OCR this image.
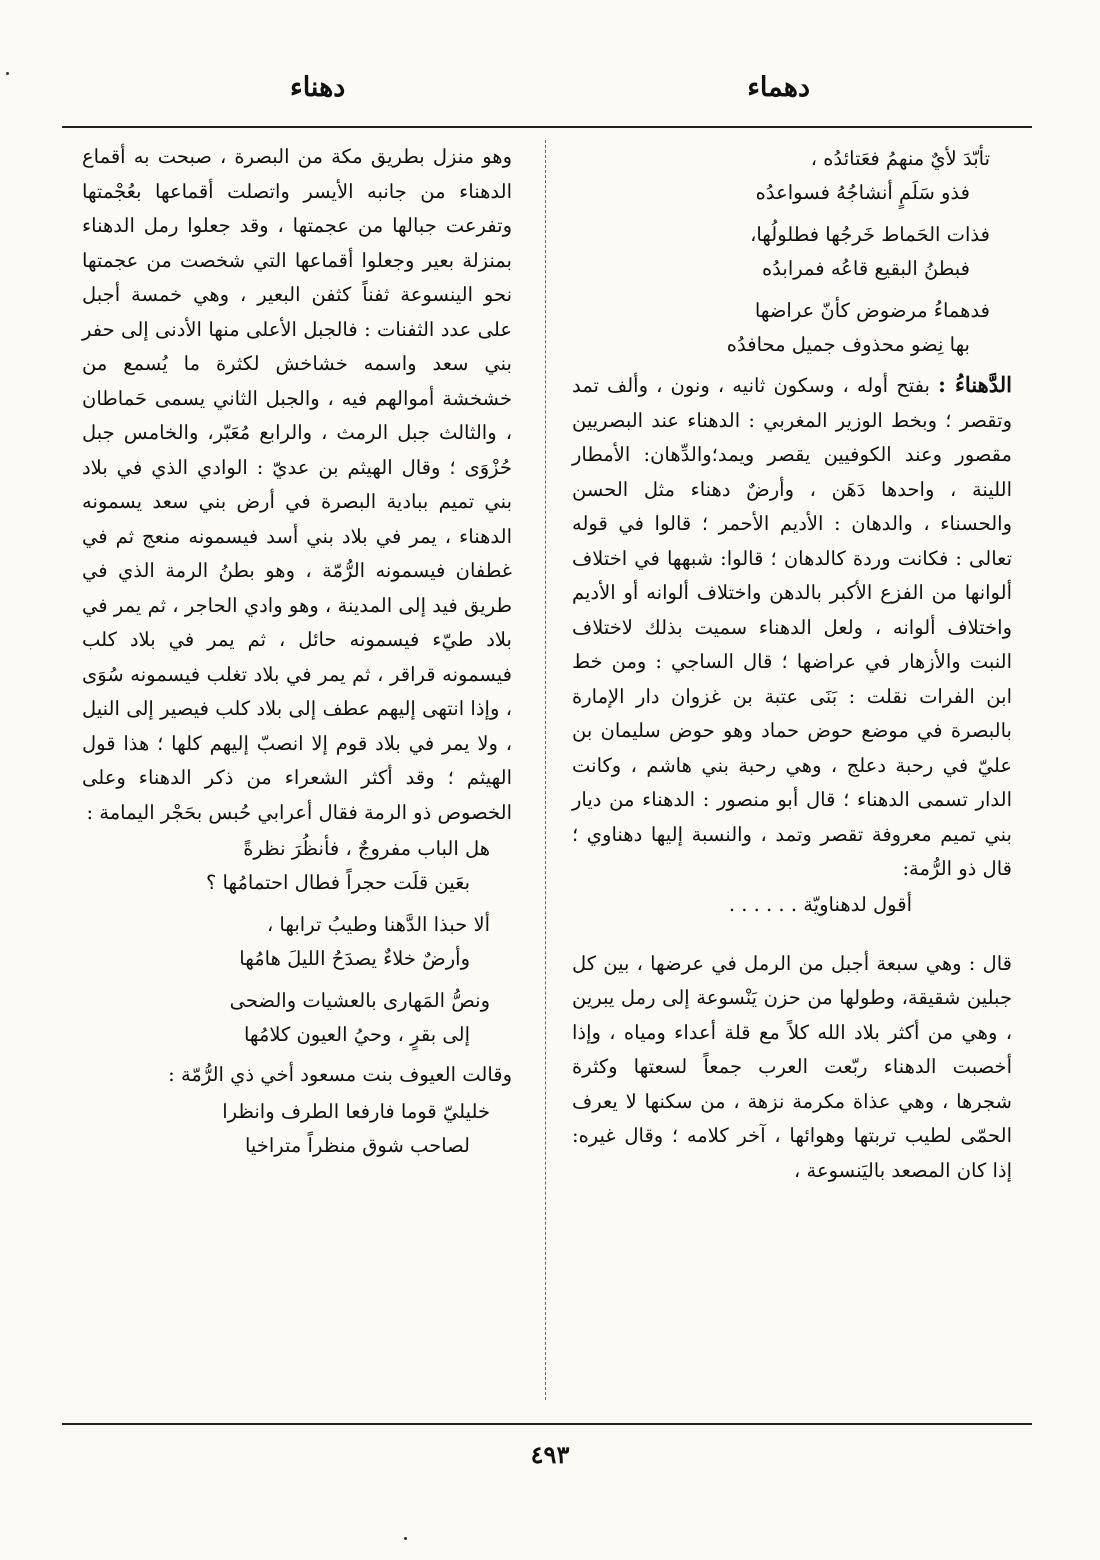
دهماء
دهناء

تأبّدَ لأيٌ منهمُ فعَتائدُه ،

فذو سَلَمٍ أنشاجُهُ فسواعدُه

فذات الحَماط خَرجُها فطلولُها،

فبطنُ البقيع قاعُه فمرابدُه

فدهماءُ مرضوض كأنّ عراضها

بها نِضو محذوف جميل محافدُه

الدَّهناءُ : بفتح أوله ، وسكون ثانيه ، ونون ، وألف تمد وتقصر ؛ وبخط الوزير المغربي : الدهناء عند البصريين مقصور وعند الكوفيين يقصر ويمد؛والدِّهان: الأمطار اللينة ، واحدها دَهَن ، وأرضٌ دهناء مثل الحسن والحسناء ، والدهان : الأديم الأحمر ؛ قالوا في قوله تعالى : فكانت وردة كالدهان ؛ قالوا: شبهها في اختلاف ألوانها من الفزع الأكبر بالدهن واختلاف ألوانه أو الأديم واختلاف ألوانه ، ولعل الدهناء سميت بذلك لاختلاف النبت والأزهار في عراضها ؛ قال الساجي : ومن خط ابن الفرات نقلت : بَنَى عتبة بن غزوان دار الإمارة بالبصرة في موضع حوض حماد وهو حوض سليمان بن عليّ في رحبة دعلج ، وهي رحبة بني هاشم ، وكانت الدار تسمى الدهناء ؛ قال أبو منصور : الدهناء من ديار بني تميم معروفة تقصر وتمد ، والنسبة إليها دهناوي ؛ قال ذو الرُّمة:

أقول لدهناويّة . . . . . .

قال : وهي سبعة أجبل من الرمل في عرضها ، بين كل جبلين شقيقة، وطولها من حزن يَنْسوعة إلى رمل يبرين ، وهي من أكثر بلاد الله كلاً مع قلة أعداء ومياه ، وإذا أخصبت الدهناء ربّعت العرب جمعاً لسعتها وكثرة شجرها ، وهي عذاة مكرمة نزهة ، من سكنها لا يعرف الحمّى لطيب تربتها وهوائها ، آخر كلامه ؛ وقال غيره: إذا كان المصعد باليَنسوعة ،

وهو منزل بطريق مكة من البصرة ، صبحت به أقماع الدهناء من جانبه الأيسر واتصلت أقماعها بعُجْمتها وتفرعت جبالها من عجمتها ، وقد جعلوا رمل الدهناء بمنزلة بعير وجعلوا أقماعها التي شخصت من عجمتها نحو الينسوعة ثفناً كثفن البعير ، وهي خمسة أجبل على عدد الثفنات : فالجبل الأعلى منها الأدنى إلى حفر بني سعد واسمه خشاخش لكثرة ما يُسمع من خشخشة أموالهم فيه ، والجبل الثاني يسمى حَماطان ، والثالث جبل الرمث ، والرابع مُعَبّر، والخامس جبل حُزْوَى ؛ وقال الهيثم بن عديّ : الوادي الذي في بلاد بني تميم ببادية البصرة في أرض بني سعد يسمونه الدهناء ، يمر في بلاد بني أسد فيسمونه منعج ثم في غطفان فيسمونه الرُّمّة ، وهو بطنُ الرمة الذي في طريق فيد إلى المدينة ، وهو وادي الحاجر ، ثم يمر في بلاد طيّء فيسمونه حائل ، ثم يمر في بلاد كلب فيسمونه قراقر ، ثم يمر في بلاد تغلب فيسمونه سُوَى ، وإذا انتهى إليهم عطف إلى بلاد كلب فيصير إلى النيل ، ولا يمر في بلاد قوم إلا انصبّ إليهم كلها ؛ هذا قول الهيثم ؛ وقد أكثر الشعراء من ذكر الدهناء وعلى الخصوص ذو الرمة فقال أعرابي حُبس بحَجْر اليمامة :

هل الباب مفروجٌ ، فأنظُرَ نظرةً

بعَين قلَت حجراً فطال احتمامُها ؟

ألا حبذا الدَّهنا وطيبُ ترابها ،

وأرضٌ خلاءٌ يصدَحُ الليلَ هامُها

ونصُّ المَهارى بالعشيات والضحى

إلى بقرٍ ، وحيُ العيون كلامُها

وقالت العيوف بنت مسعود أخي ذي الرُّمّة :

خليليّ قوما فارفعا الطرف وانظرا

لصاحب شوق منظراً متراخيا

٤٩٣
